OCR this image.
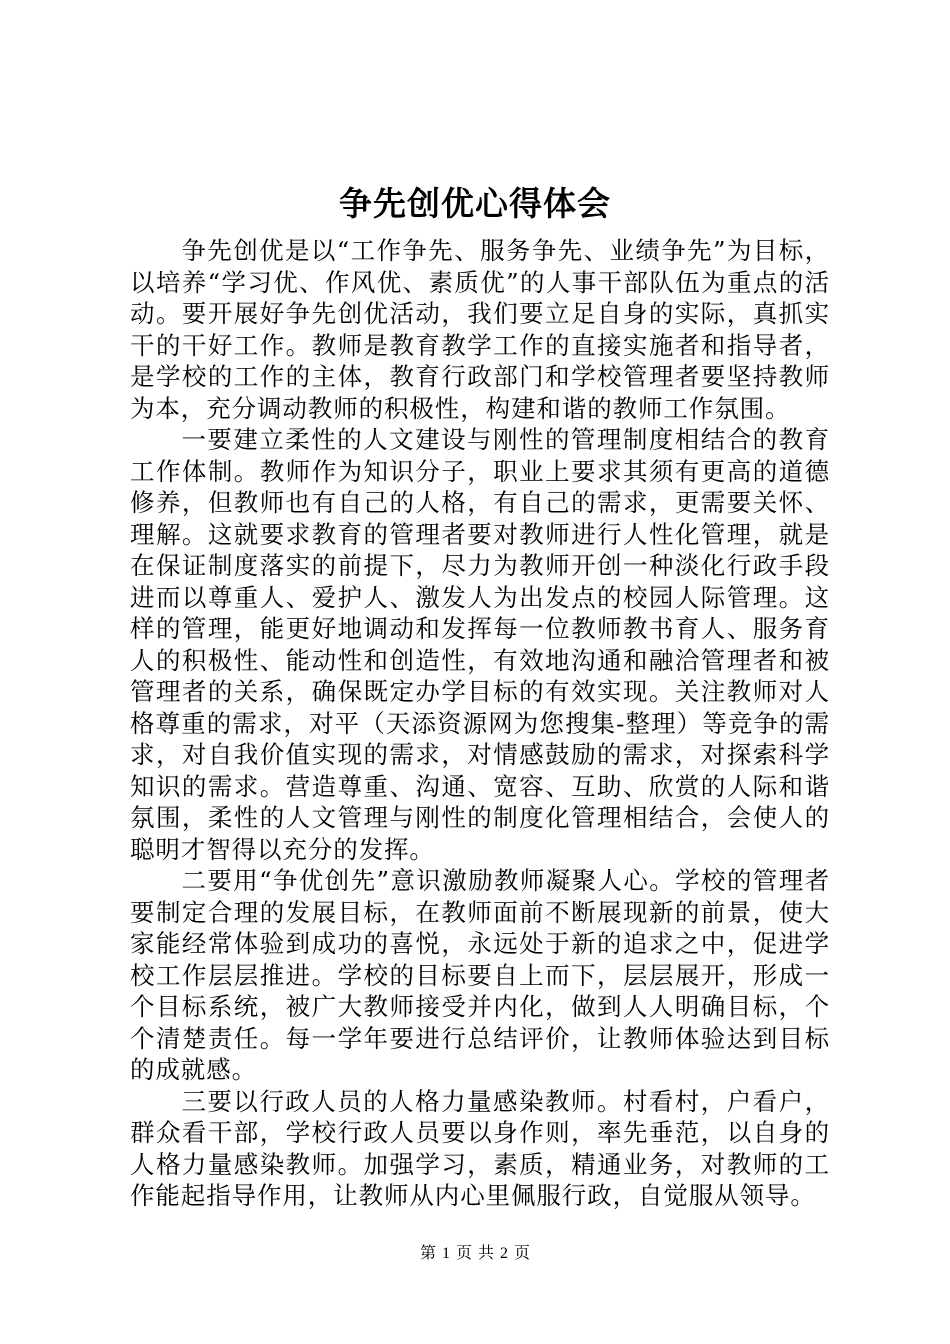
争先创优心得体会

争先创优是以“工作争先、服务争先、业绩争先”为目标，以培养“学习优、作风优、素质优”的人事干部队伍为重点的活动。要开展好争先创优活动，我们要立足自身的实际，真抓实干的干好工作。教师是教育教学工作的直接实施者和指导者，是学校的工作的主体，教育行政部门和学校管理者要坚持教师为本，充分调动教师的积极性，构建和谐的教师工作氛围。

一要建立柔性的人文建设与刚性的管理制度相结合的教育工作体制。教师作为知识分子，职业上要求其须有更高的道德修养，但教师也有自己的人格，有自己的需求，更需要关怀、理解。这就要求教育的管理者要对教师进行人性化管理，就是在保证制度落实的前提下，尽力为教师开创一种淡化行政手段进而以尊重人、爱护人、激发人为出发点的校园人际管理。这样的管理，能更好地调动和发挥每一位教师教书育人、服务育人的积极性、能动性和创造性，有效地沟通和融洽管理者和被管理者的关系，确保既定办学目标的有效实现。关注教师对人格尊重的需求，对平（天添资源网为您搜集-整理）等竞争的需求，对自我价值实现的需求，对情感鼓励的需求，对探索科学知识的需求。营造尊重、沟通、宽容、互助、欣赏的人际和谐氛围，柔性的人文管理与刚性的制度化管理相结合，会使人的聪明才智得以充分的发挥。

二要用“争优创先”意识激励教师凝聚人心。学校的管理者要制定合理的发展目标，在教师面前不断展现新的前景，使大家能经常体验到成功的喜悦，永远处于新的追求之中，促进学校工作层层推进。学校的目标要自上而下，层层展开，形成一个目标系统，被广大教师接受并内化，做到人人明确目标，个个清楚责任。每一学年要进行总结评价，让教师体验达到目标的成就感。

三要以行政人员的人格力量感染教师。村看村，户看户，群众看干部，学校行政人员要以身作则，率先垂范，以自身的人格力量感染教师。加强学习，素质，精通业务，对教师的工作能起指导作用，让教师从内心里佩服行政，自觉服从领导。

第 1 页 共 2 页
